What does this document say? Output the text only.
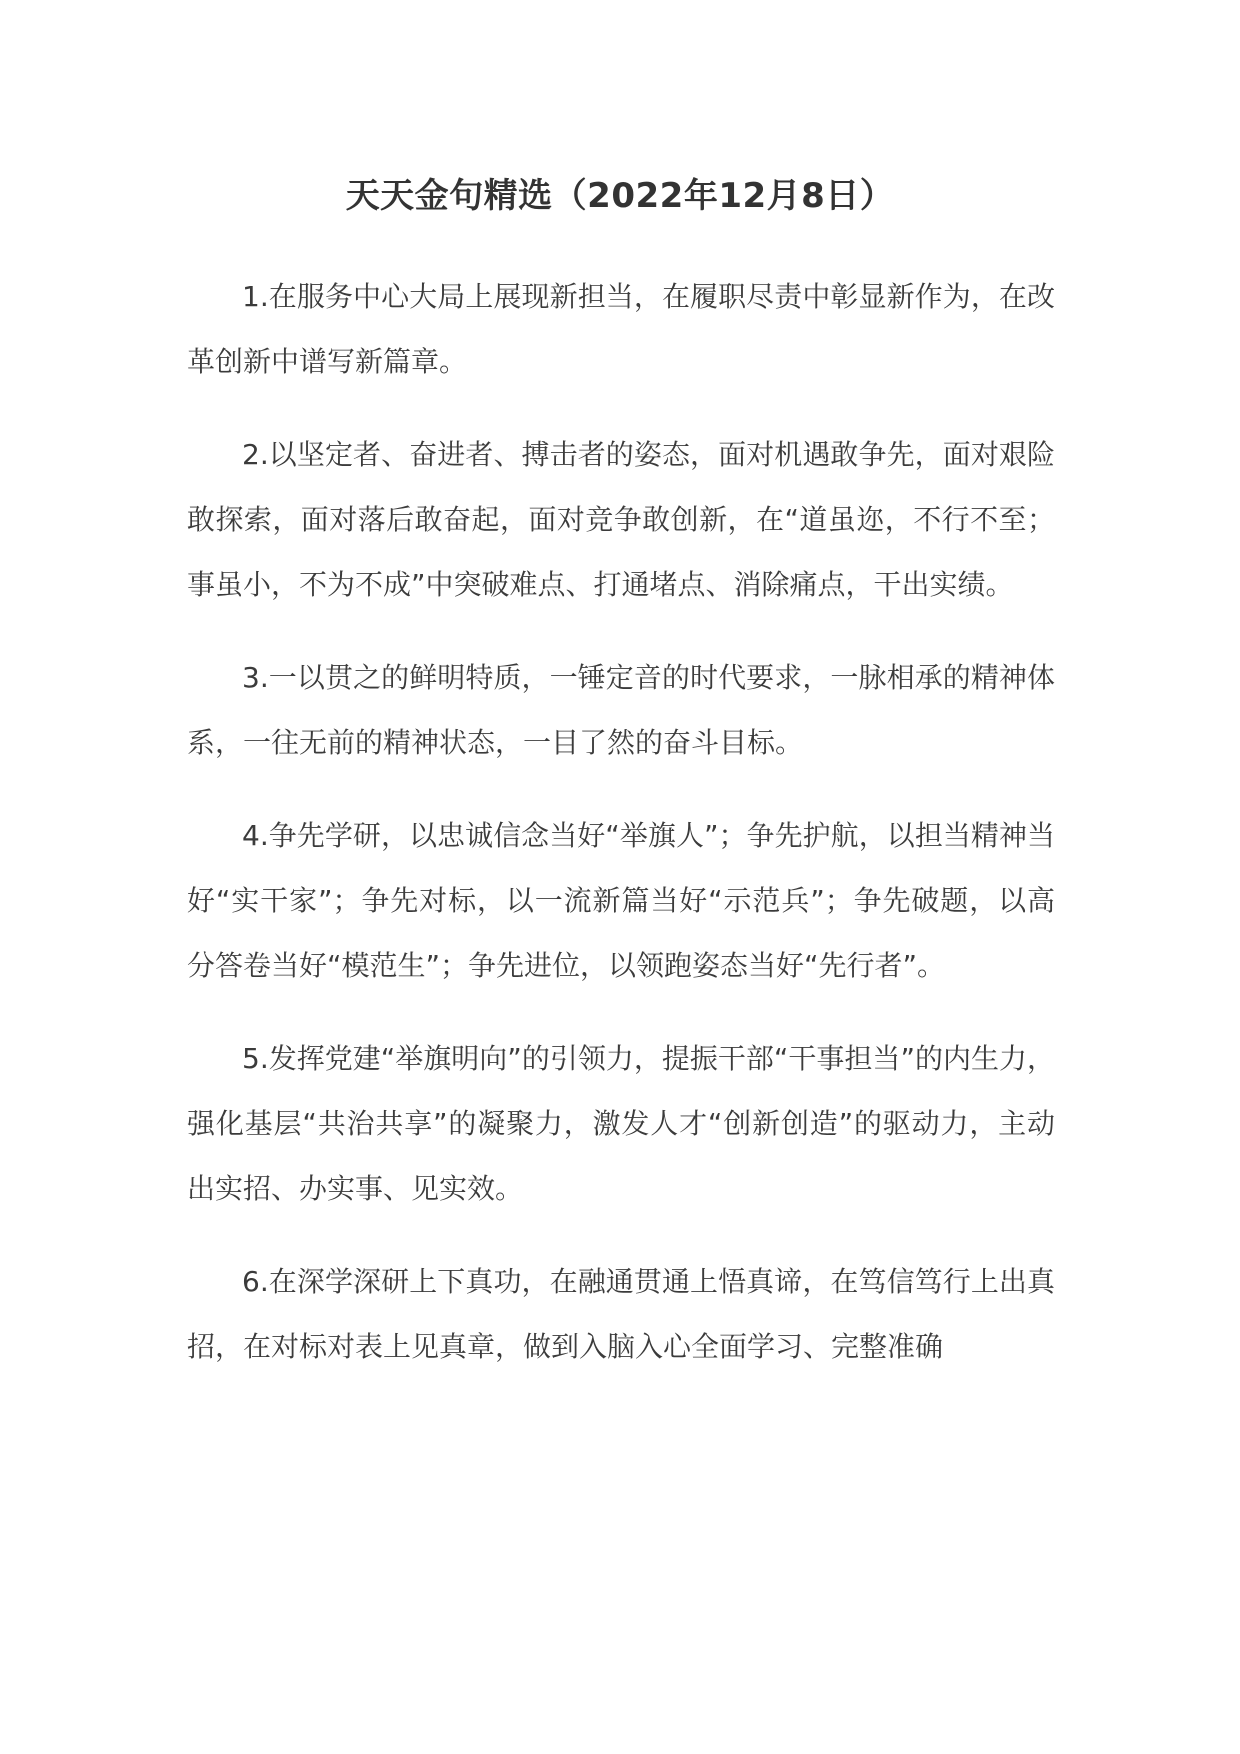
天天金句精选（2022年12月8日）

1.在服务中心大局上展现新担当，在履职尽责中彰显新作为，在改革创新中谱写新篇章。

2.以坚定者、奋进者、搏击者的姿态，面对机遇敢争先，面对艰险敢探索，面对落后敢奋起，面对竞争敢创新，在“道虽迩，不行不至；事虽小，不为不成”中突破难点、打通堵点、消除痛点，干出实绩。

3.一以贯之的鲜明特质，一锤定音的时代要求，一脉相承的精神体系，一往无前的精神状态，一目了然的奋斗目标。

4.争先学研，以忠诚信念当好“举旗人”；争先护航，以担当精神当好“实干家”；争先对标，以一流新篇当好“示范兵”；争先破题，以高分答卷当好“模范生”；争先进位，以领跑姿态当好“先行者”。

5.发挥党建“举旗明向”的引领力，提振干部“干事担当”的内生力，强化基层“共治共享”的凝聚力，激发人才“创新创造”的驱动力，主动出实招、办实事、见实效。

6.在深学深研上下真功，在融通贯通上悟真谛，在笃信笃行上出真招，在对标对表上见真章，做到入脑入心全面学习、完整准确
